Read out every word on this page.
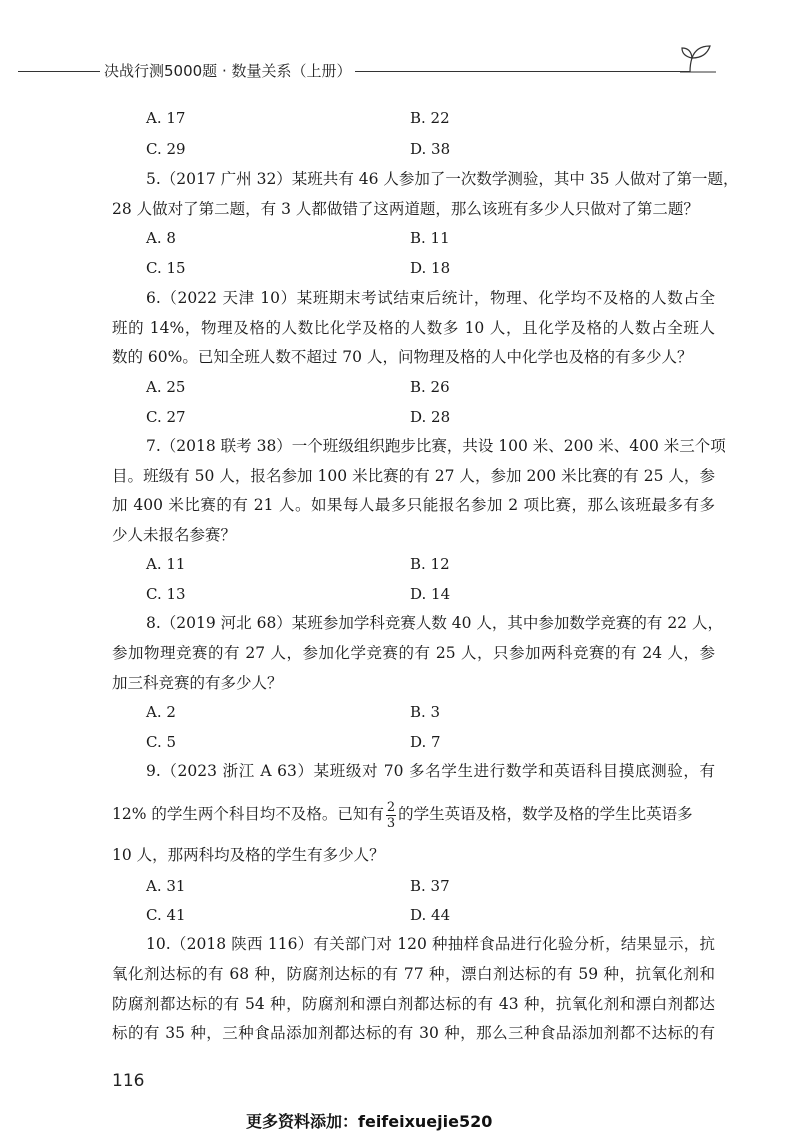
决战行测5000题 · 数量关系（上册）
A. 17	B. 22
C. 29	D. 38
5.（2017 广州 32）某班共有 46 人参加了一次数学测验，其中 35 人做对了第一题，
28 人做对了第二题，有 3 人都做错了这两道题，那么该班有多少人只做对了第二题？
A. 8	B. 11
C. 15	D. 18
6.（2022 天津 10）某班期末考试结束后统计，物理、化学均不及格的人数占全
班的 14%，物理及格的人数比化学及格的人数多 10 人，且化学及格的人数占全班人
数的 60%。已知全班人数不超过 70 人，问物理及格的人中化学也及格的有多少人？
A. 25	B. 26
C. 27	D. 28
7.（2018 联考 38）一个班级组织跑步比赛，共设 100 米、200 米、400 米三个项
目。班级有 50 人，报名参加 100 米比赛的有 27 人，参加 200 米比赛的有 25 人，参
加 400 米比赛的有 21 人。如果每人最多只能报名参加 2 项比赛，那么该班最多有多
少人未报名参赛？
A. 11	B. 12
C. 13	D. 14
8.（2019 河北 68）某班参加学科竞赛人数 40 人，其中参加数学竞赛的有 22 人，
参加物理竞赛的有 27 人，参加化学竞赛的有 25 人，只参加两科竞赛的有 24 人，参
加三科竞赛的有多少人？
A. 2	B. 3
C. 5	D. 7
9.（2023 浙江 A 63）某班级对 70 多名学生进行数学和英语科目摸底测验，有
12% 的学生两个科目均不及格。已知有 $\frac{2}{3}$ 的学生英语及格，数学及格的学生比英语多
10 人，那两科均及格的学生有多少人？
A. 31	B. 37
C. 41	D. 44
10.（2018 陕西 116）有关部门对 120 种抽样食品进行化验分析，结果显示，抗
氧化剂达标的有 68 种，防腐剂达标的有 77 种，漂白剂达标的有 59 种，抗氧化剂和
防腐剂都达标的有 54 种，防腐剂和漂白剂都达标的有 43 种，抗氧化剂和漂白剂都达
标的有 35 种，三种食品添加剂都达标的有 30 种，那么三种食品添加剂都不达标的有
116
更多资料添加：feifeixuejie520
